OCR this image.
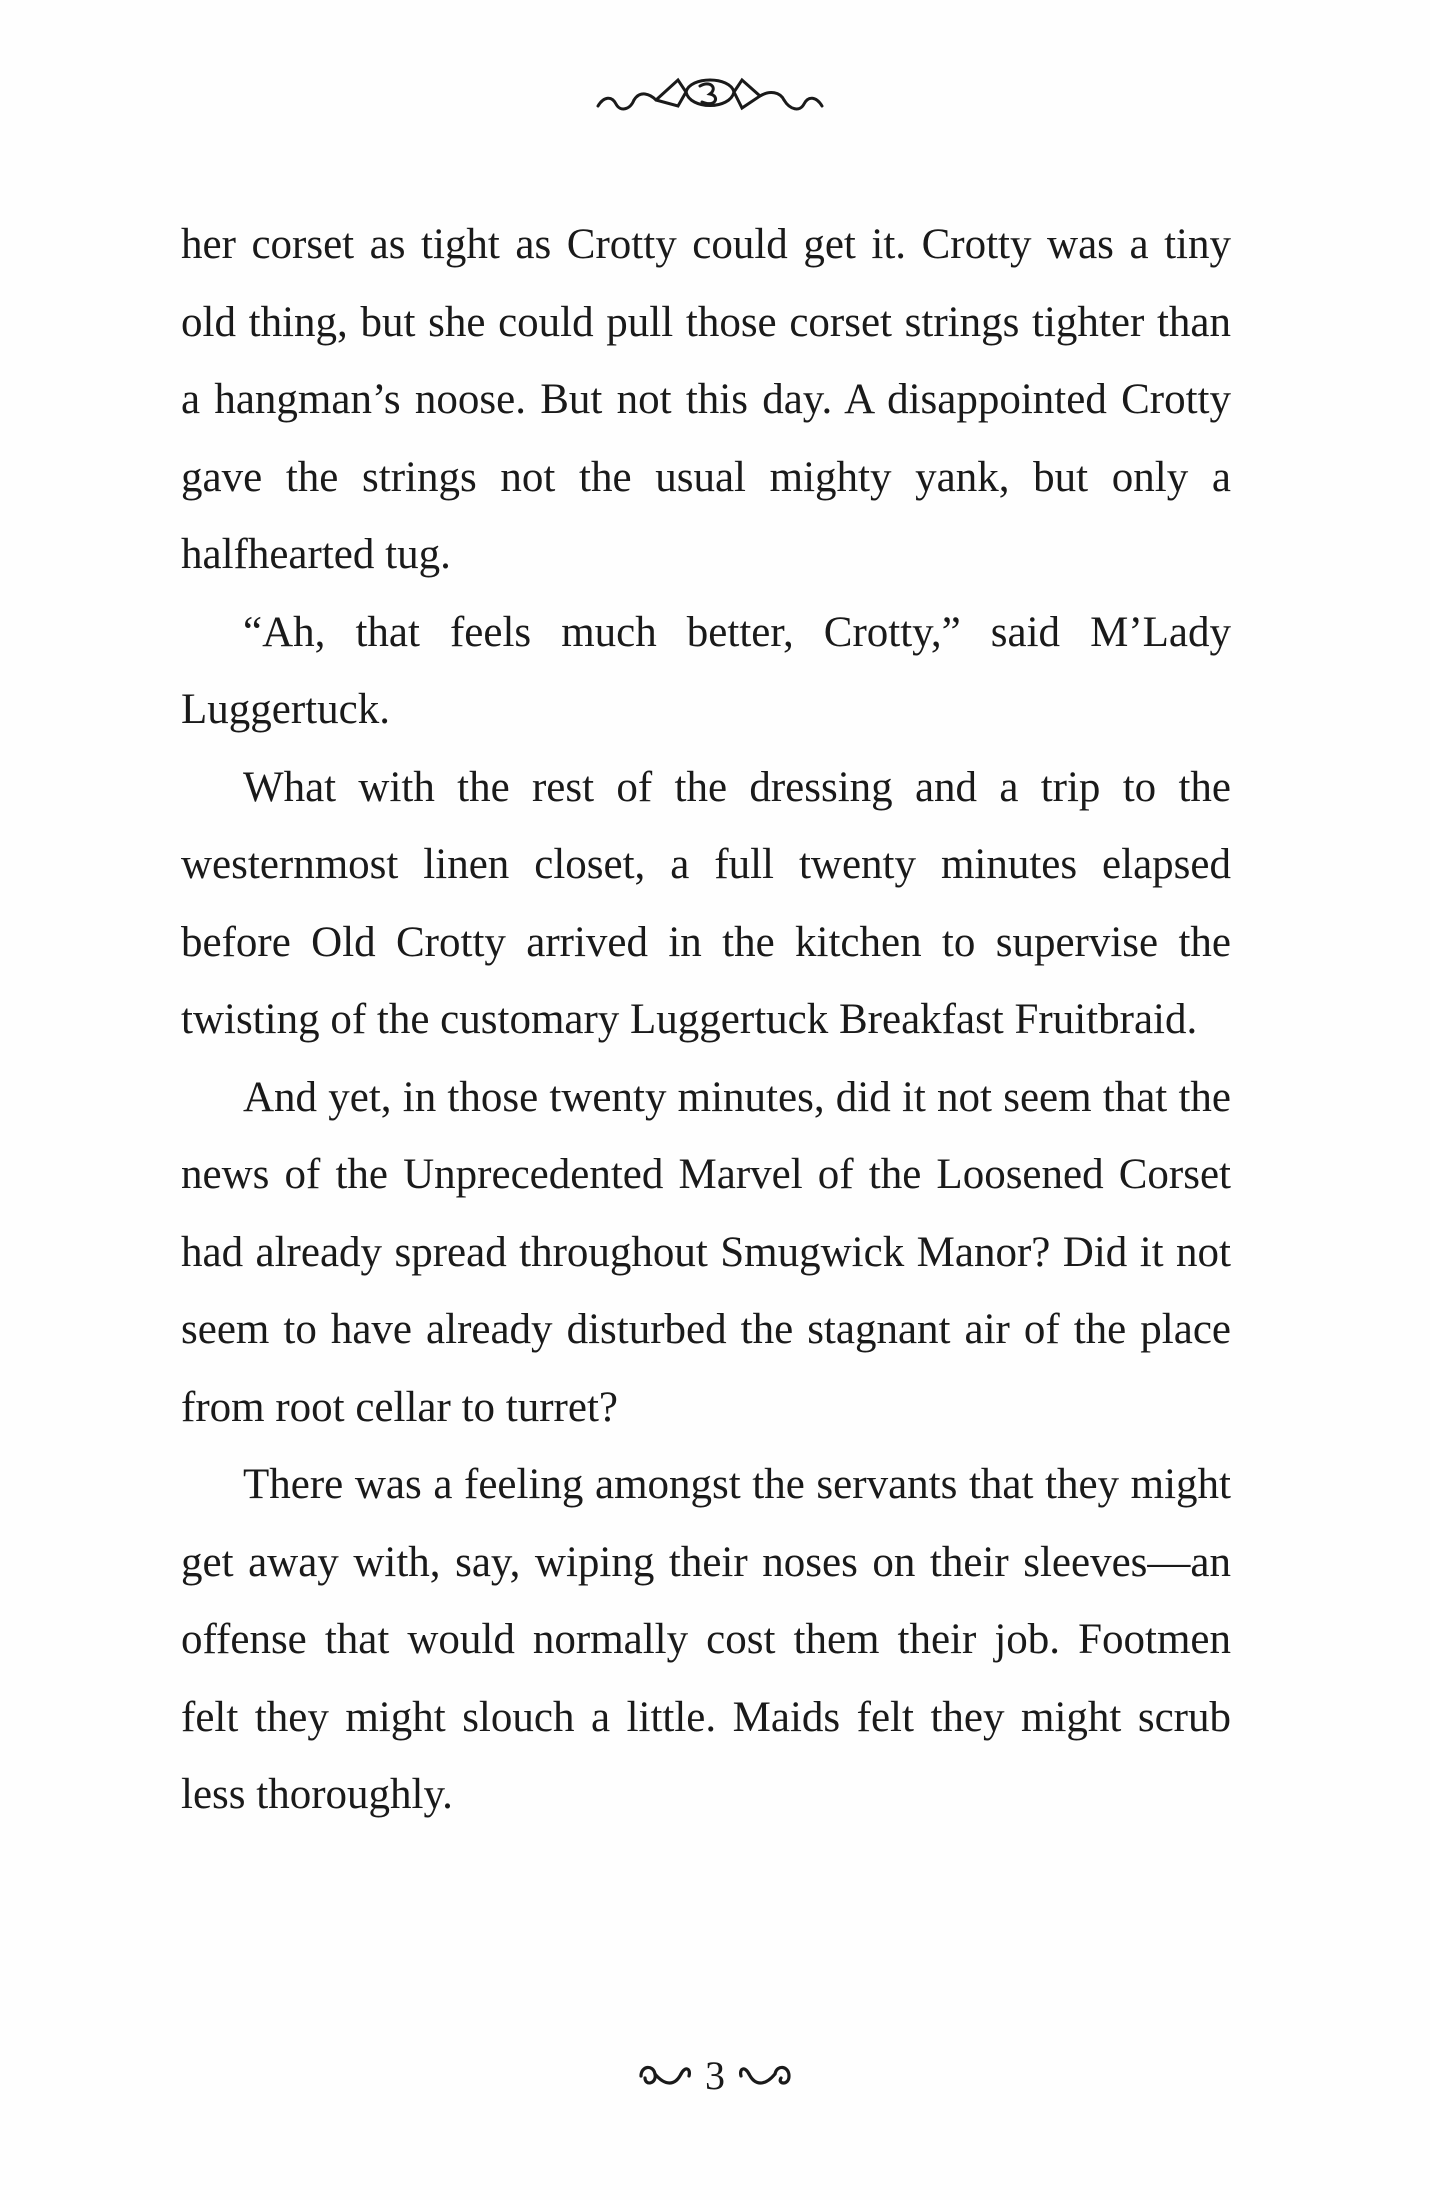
her corset as tight as Crotty could get it. Crotty was a tiny old thing, but she could pull those corset strings tighter than a hangman’s noose. But not this day. A disappointed Crotty gave the strings not the usual mighty yank, but only a halfhearted tug.

“Ah, that feels much better, Crotty,” said M’Lady Luggertuck.

What with the rest of the dressing and a trip to the westernmost linen closet, a full twenty minutes elapsed before Old Crotty arrived in the kitchen to supervise the twisting of the customary Luggertuck Breakfast Fruitbraid.

And yet, in those twenty minutes, did it not seem that the news of the Unprecedented Marvel of the Loosened Corset had already spread throughout Smugwick Manor? Did it not seem to have already disturbed the stagnant air of the place from root cellar to turret?

There was a feeling amongst the servants that they might get away with, say, wiping their noses on their sleeves—an offense that would normally cost them their job. Footmen felt they might slouch a little. Maids felt they might scrub less thoroughly.

3
